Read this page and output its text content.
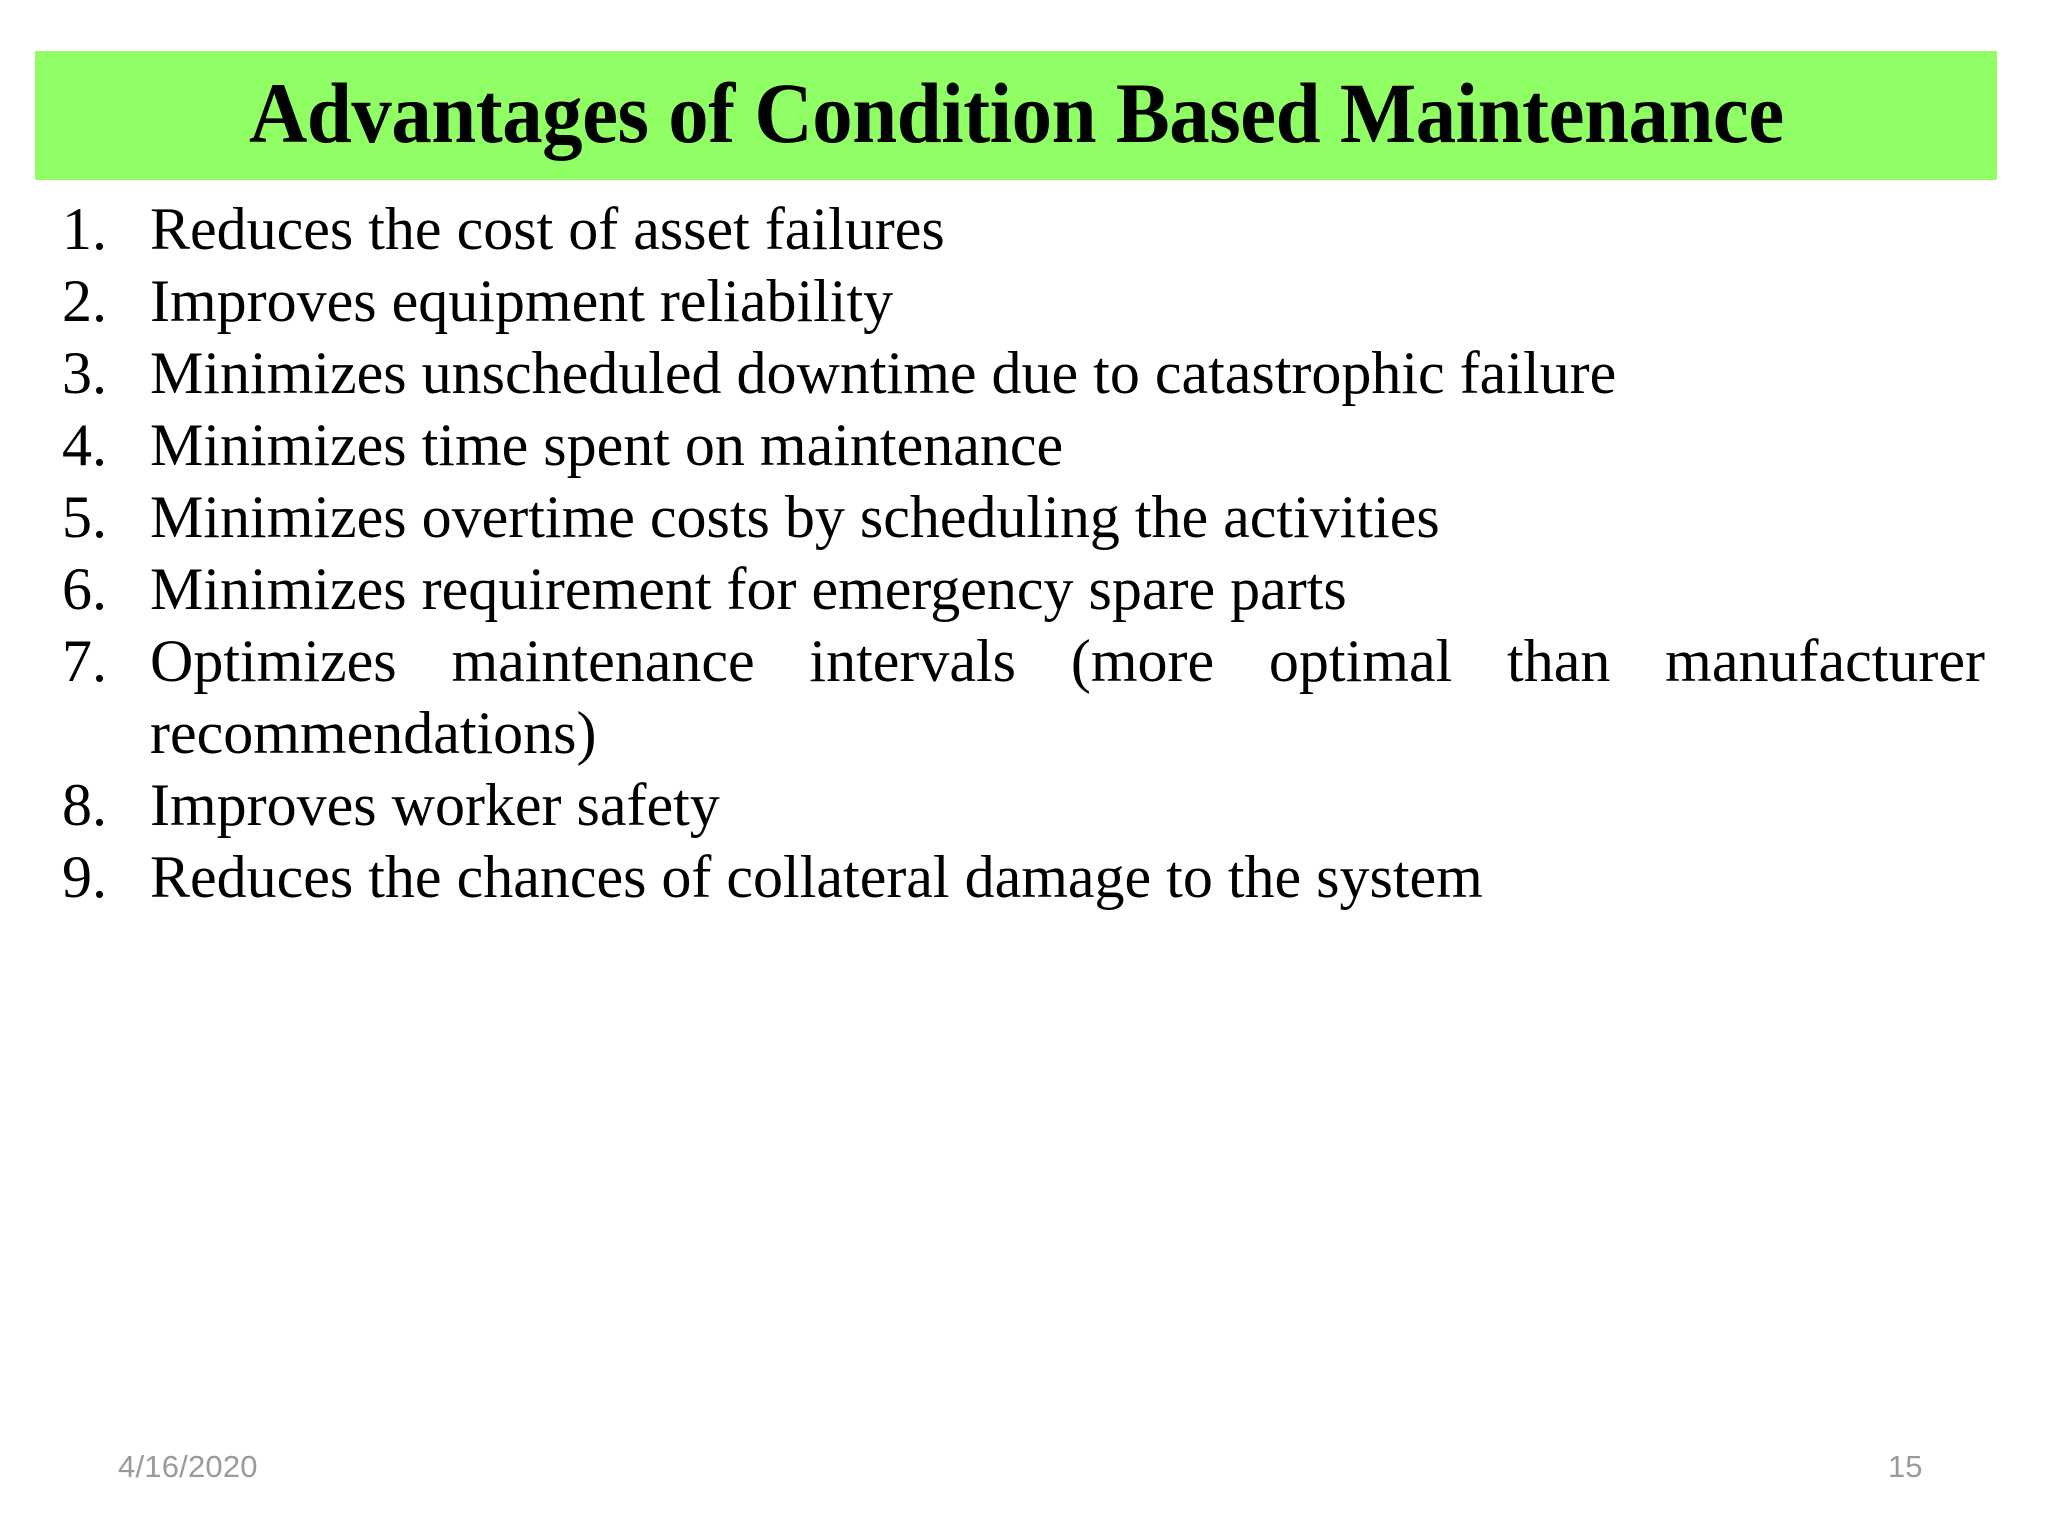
Advantages of Condition Based Maintenance
1. Reduces the cost of asset failures
2. Improves equipment reliability
3. Minimizes unscheduled downtime due to catastrophic failure
4. Minimizes time spent on maintenance
5. Minimizes overtime costs by scheduling the activities
6. Minimizes requirement for emergency spare parts
7. Optimizes maintenance intervals (more optimal than manufacturer recommendations)
8. Improves worker safety
9. Reduces the chances of collateral damage to the system
4/16/2020	15
